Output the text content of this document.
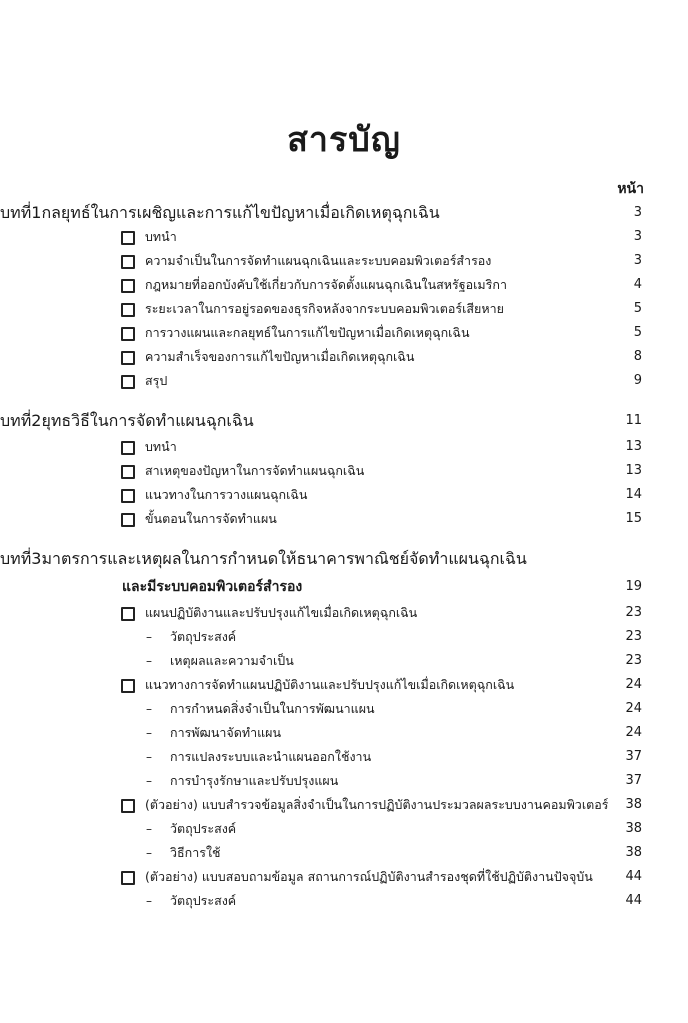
สารบัญ
หน้า
บทที่1กลยุทธ์ในการเผชิญและการแก้ไขปัญหาเมื่อเกิดเหตุฉุกเฉิน	3
บทนำ	3
ความจำเป็นในการจัดทำแผนฉุกเฉินและระบบคอมพิวเตอร์สำรอง	3
กฎหมายที่ออกบังคับใช้เกี่ยวกับการจัดตั้งแผนฉุกเฉินในสหรัฐอเมริกา	4
ระยะเวลาในการอยู่รอดของธุรกิจหลังจากระบบคอมพิวเตอร์เสียหาย	5
การวางแผนและกลยุทธ์ในการแก้ไขปัญหาเมื่อเกิดเหตุฉุกเฉิน	5
ความสำเร็จของการแก้ไขปัญหาเมื่อเกิดเหตุฉุกเฉิน	8
สรุป	9
บทที่2ยุทธวิธีในการจัดทำแผนฉุกเฉิน	11
บทนำ	13
สาเหตุของปัญหาในการจัดทำแผนฉุกเฉิน	13
แนวทางในการวางแผนฉุกเฉิน	14
ขั้นตอนในการจัดทำแผน	15
บทที่3มาตรการและเหตุผลในการกำหนดให้ธนาคารพาณิชย์จัดทำแผนฉุกเฉิน
และมีระบบคอมพิวเตอร์สำรอง	19
แผนปฏิบัติงานและปรับปรุงแก้ไขเมื่อเกิดเหตุฉุกเฉิน	23
– วัตถุประสงค์	23
– เหตุผลและความจำเป็น	23
แนวทางการจัดทำแผนปฏิบัติงานและปรับปรุงแก้ไขเมื่อเกิดเหตุฉุกเฉิน	24
– การกำหนดสิ่งจำเป็นในการพัฒนาแผน	24
– การพัฒนาจัดทำแผน	24
– การแปลงระบบและนำแผนออกใช้งาน	37
– การบำรุงรักษาและปรับปรุงแผน	37
(ตัวอย่าง) แบบสำรวจข้อมูลสิ่งจำเป็นในการปฏิบัติงานประมวลผลระบบงานคอมพิวเตอร์ 38
– วัตถุประสงค์	38
– วิธีการใช้	38
(ตัวอย่าง) แบบสอบถามข้อมูล สถานการณ์ปฏิบัติงานสำรองชุดที่ใช้ปฏิบัติงานปัจจุบัน	44
– วัตถุประสงค์	44
